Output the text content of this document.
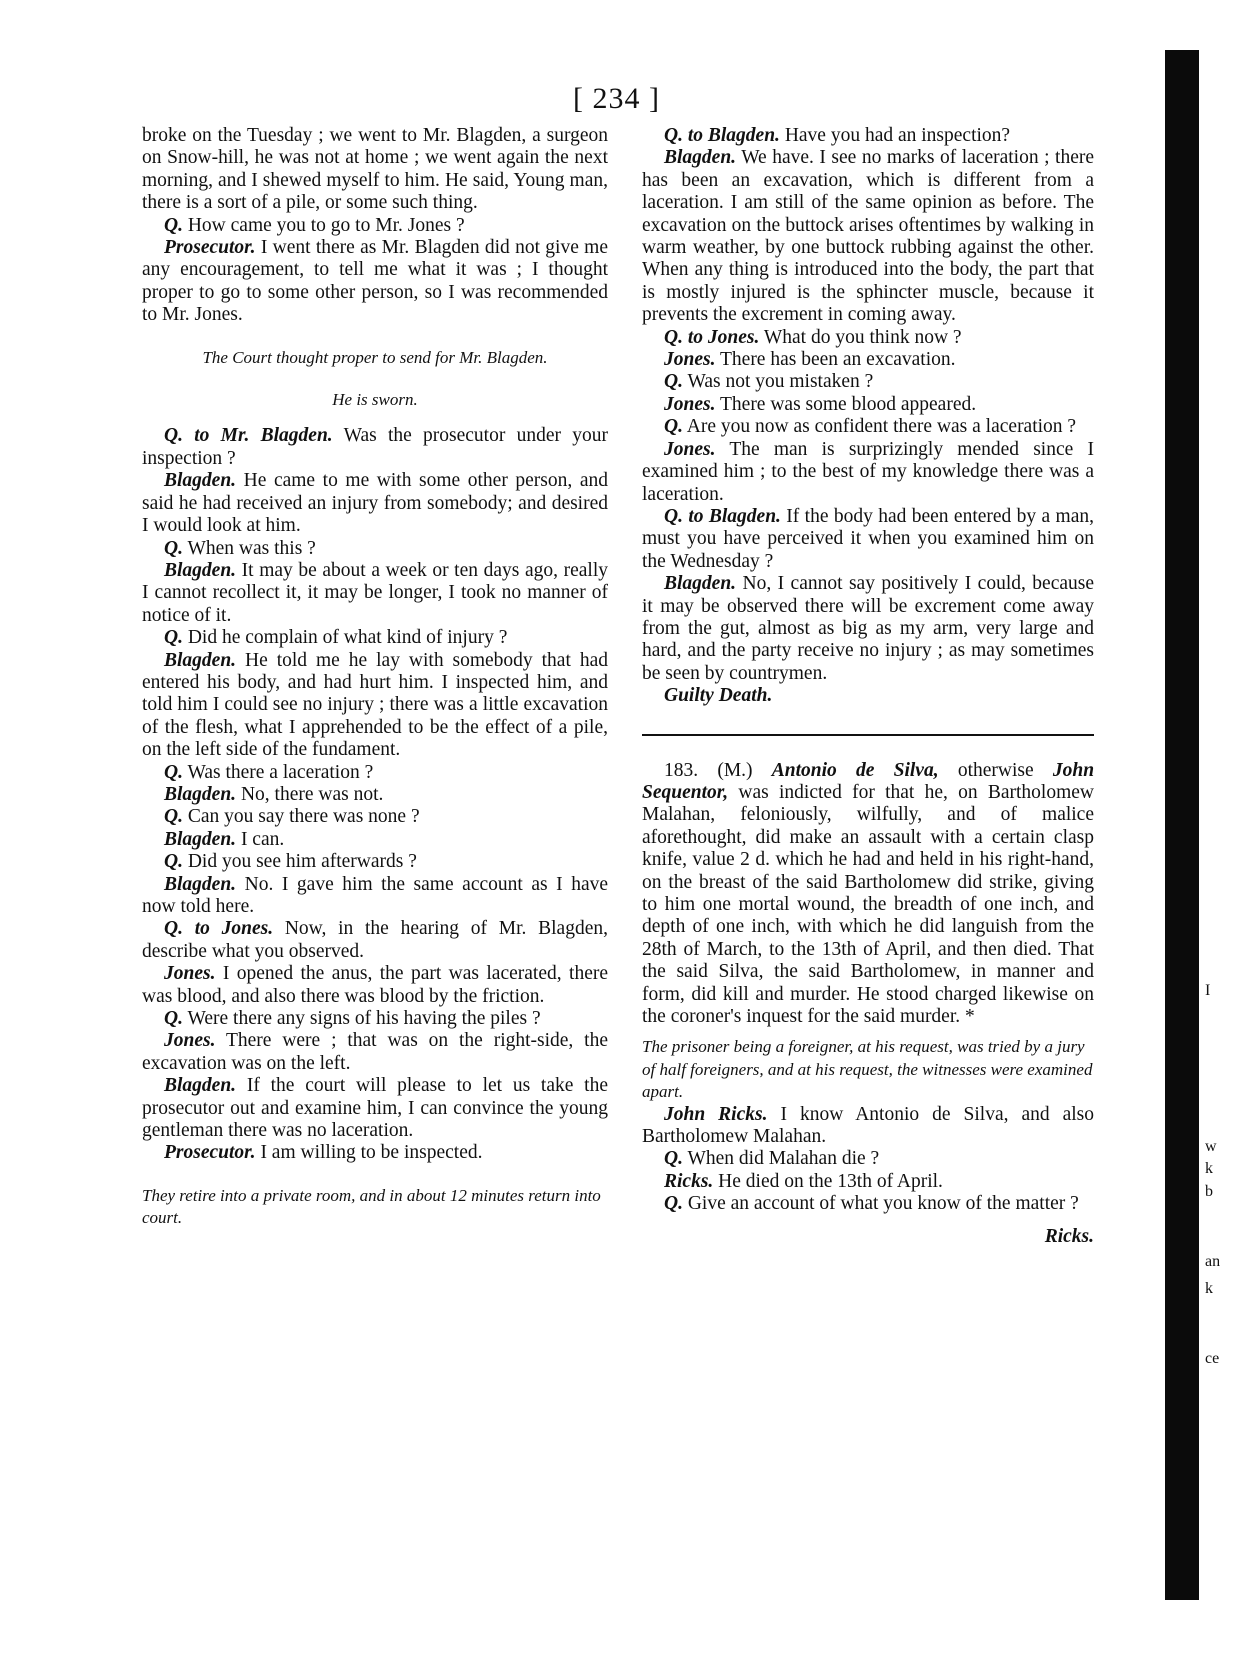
[ 234 ]

broke on the Tuesday ; we went to Mr. Blagden, a surgeon on Snow-hill, he was not at home ; we went again the next morning, and I shewed myself to him. He said, Young man, there is a sort of a pile, or some such thing.

Q. How came you to go to Mr. Jones ?

Prosecutor. I went there as Mr. Blagden did not give me any encouragement, to tell me what it was ; I thought proper to go to some other person, so I was recommended to Mr. Jones.

The Court thought proper to send for Mr. Blagden.

He is sworn.

Q. to Mr. Blagden. Was the prosecutor under your inspection ?

Blagden. He came to me with some other person, and said he had received an injury from somebody; and desired I would look at him.

Q. When was this ?

Blagden. It may be about a week or ten days ago, really I cannot recollect it, it may be longer, I took no manner of notice of it.

Q. Did he complain of what kind of injury ?

Blagden. He told me he lay with somebody that had entered his body, and had hurt him. I inspected him, and told him I could see no injury ; there was a little excavation of the flesh, what I apprehended to be the effect of a pile, on the left side of the fundament.

Q. Was there a laceration ?

Blagden. No, there was not.

Q. Can you say there was none ?

Blagden. I can.

Q. Did you see him afterwards ?

Blagden. No. I gave him the same account as I have now told here.

Q. to Jones. Now, in the hearing of Mr. Blagden, describe what you observed.

Jones. I opened the anus, the part was lacerated, there was blood, and also there was blood by the friction.

Q. Were there any signs of his having the piles ?

Jones. There were ; that was on the right-side, the excavation was on the left.

Blagden. If the court will please to let us take the prosecutor out and examine him, I can convince the young gentleman there was no laceration.

Prosecutor. I am willing to be inspected.

They retire into a private room, and in about 12 minutes return into court.

Q. to Blagden. Have you had an inspection?

Blagden. We have. I see no marks of laceration ; there has been an excavation, which is different from a laceration. I am still of the same opinion as before. The excavation on the buttock arises oftentimes by walking in warm weather, by one buttock rubbing against the other. When any thing is introduced into the body, the part that is mostly injured is the sphincter muscle, because it prevents the excrement in coming away.

Q. to Jones. What do you think now ?

Jones. There has been an excavation.

Q. Was not you mistaken ?

Jones. There was some blood appeared.

Q. Are you now as confident there was a laceration ?

Jones. The man is surprizingly mended since I examined him ; to the best of my knowledge there was a laceration.

Q. to Blagden. If the body had been entered by a man, must you have perceived it when you examined him on the Wednesday ?

Blagden. No, I cannot say positively I could, because it may be observed there will be excrement come away from the gut, almost as big as my arm, very large and hard, and the party receive no injury ; as may sometimes be seen by countrymen.

Guilty Death.

183. (M.) Antonio de Silva, otherwise John Sequentor, was indicted for that he, on Bartholomew Malahan, feloniously, wilfully, and of malice aforethought, did make an assault with a certain clasp knife, value 2 d. which he had and held in his right-hand, on the breast of the said Bartholomew did strike, giving to him one mortal wound, the breadth of one inch, and depth of one inch, with which he did languish from the 28th of March, to the 13th of April, and then died. That the said Silva, the said Bartholomew, in manner and form, did kill and murder. He stood charged likewise on the coroner's inquest for the said murder. *

The prisoner being a foreigner, at his request, was tried by a jury of half foreigners, and at his request, the witnesses were examined apart.

John Ricks. I know Antonio de Silva, and also Bartholomew Malahan.

Q. When did Malahan die ?

Ricks. He died on the 13th of April.

Q. Give an account of what you know of the matter ?

Ricks.
I
w
k
b
an
k
ce
